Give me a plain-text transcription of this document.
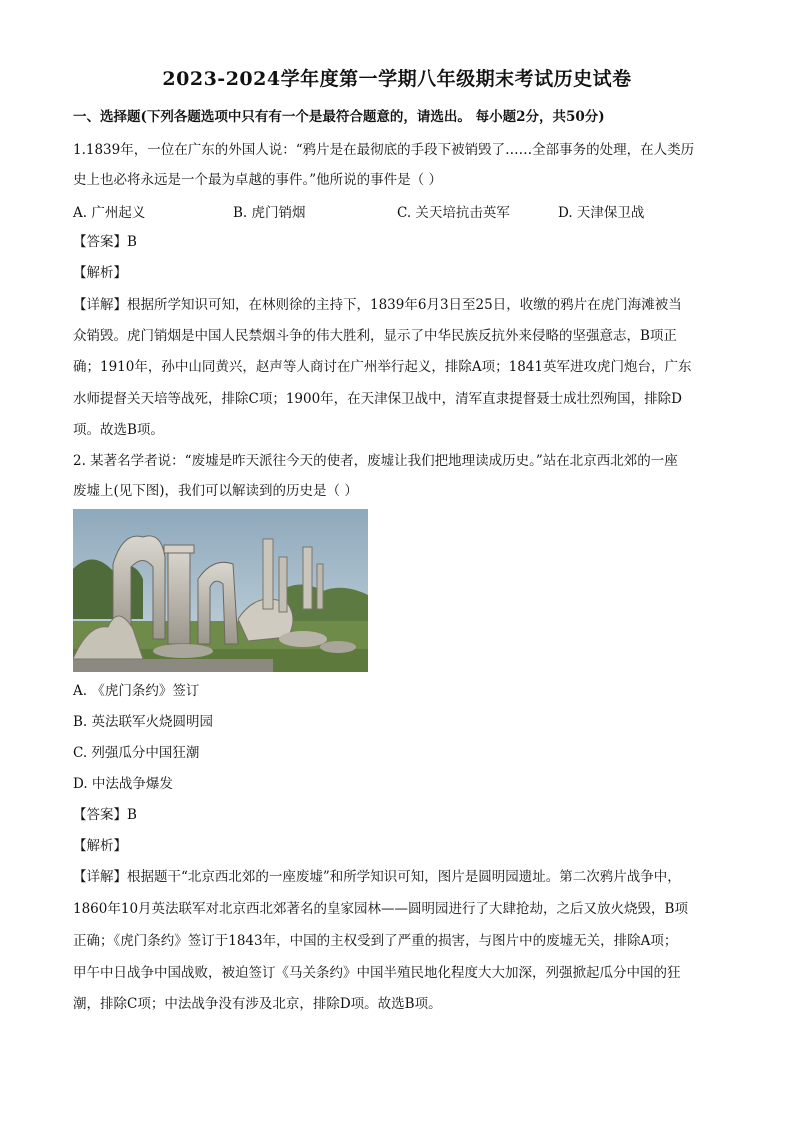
2023-2024学年度第一学期八年级期末考试历史试卷
一、选择题(下列各题选项中只有有一个是最符合题意的，请选出。 每小题2分，共50分)
1.1839年，一位在广东的外国人说：“鸦片是在最彻底的手段下被销毁了……全部事务的处理，在人类历
史上也必将永远是一个最为卓越的事件。”他所说的事件是（ ）
A. 广州起义	B. 虎门销烟	C. 关天培抗击英军	D. 天津保卫战
【答案】B
【解析】
【详解】根据所学知识可知，在林则徐的主持下，1839年6月3日至25日，收缴的鸦片在虎门海滩被当
众销毁。虎门销烟是中国人民禁烟斗争的伟大胜利，显示了中华民族反抗外来侵略的坚强意志，B项正
确；1910年，孙中山同黄兴，赵声等人商讨在广州举行起义，排除A项；1841英军进攻虎门炮台，广东
水师提督关天培等战死，排除C项；1900年，在天津保卫战中，清军直隶提督聂士成壮烈殉国，排除D
项。故选B项。
2. 某著名学者说：“废墟是昨天派往今天的使者，废墟让我们把地理读成历史。”站在北京西北郊的一座
废墟上(见下图)，我们可以解读到的历史是（ ）
A. 《虎门条约》签订
B. 英法联军火烧圆明园
C. 列强瓜分中国狂潮
D. 中法战争爆发
【答案】B
【解析】
【详解】根据题干“北京西北郊的一座废墟”和所学知识可知，图片是圆明园遗址。第二次鸦片战争中，
1860年10月英法联军对北京西北郊著名的皇家园林——圆明园进行了大肆抢劫，之后又放火烧毁，B项
正确；《虎门条约》签订于1843年，中国的主权受到了严重的损害，与图片中的废墟无关，排除A项；
甲午中日战争中国战败，被迫签订《马关条约》中国半殖民地化程度大大加深，列强掀起瓜分中国的狂
潮，排除C项；中法战争没有涉及北京，排除D项。故选B项。
